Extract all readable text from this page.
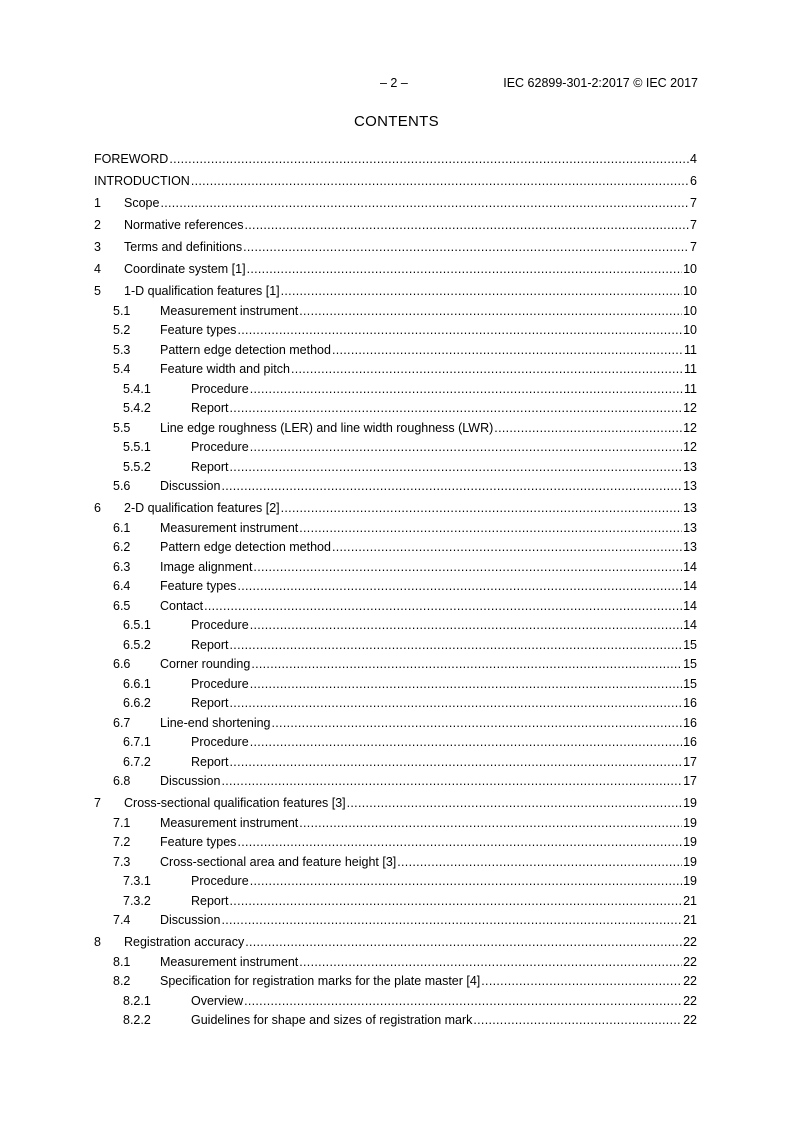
– 2 –	IEC 62899-301-2:2017 © IEC 2017
CONTENTS
FOREWORD .....	4
INTRODUCTION .....	6
1	Scope .....	7
2	Normative references .....	7
3	Terms and definitions .....	7
4	Coordinate system [1] .....	10
5	1-D qualification features [1] .....	10
5.1	Measurement instrument .....	10
5.2	Feature types .....	10
5.3	Pattern edge detection method .....	11
5.4	Feature width and pitch .....	11
5.4.1	Procedure .....	11
5.4.2	Report .....	12
5.5	Line edge roughness (LER) and line width roughness (LWR) .....	12
5.5.1	Procedure .....	12
5.5.2	Report .....	13
5.6	Discussion .....	13
6	2-D qualification features [2] .....	13
6.1	Measurement instrument .....	13
6.2	Pattern edge detection method .....	13
6.3	Image alignment .....	14
6.4	Feature types .....	14
6.5	Contact .....	14
6.5.1	Procedure .....	14
6.5.2	Report .....	15
6.6	Corner rounding .....	15
6.6.1	Procedure .....	15
6.6.2	Report .....	16
6.7	Line-end shortening .....	16
6.7.1	Procedure .....	16
6.7.2	Report .....	17
6.8	Discussion .....	17
7	Cross-sectional qualification features [3] .....	19
7.1	Measurement instrument .....	19
7.2	Feature types .....	19
7.3	Cross-sectional area and feature height [3] .....	19
7.3.1	Procedure .....	19
7.3.2	Report .....	21
7.4	Discussion .....	21
8	Registration accuracy .....	22
8.1	Measurement instrument .....	22
8.2	Specification for registration marks for the plate master [4] .....	22
8.2.1	Overview .....	22
8.2.2	Guidelines for shape and sizes of registration mark .....	22
